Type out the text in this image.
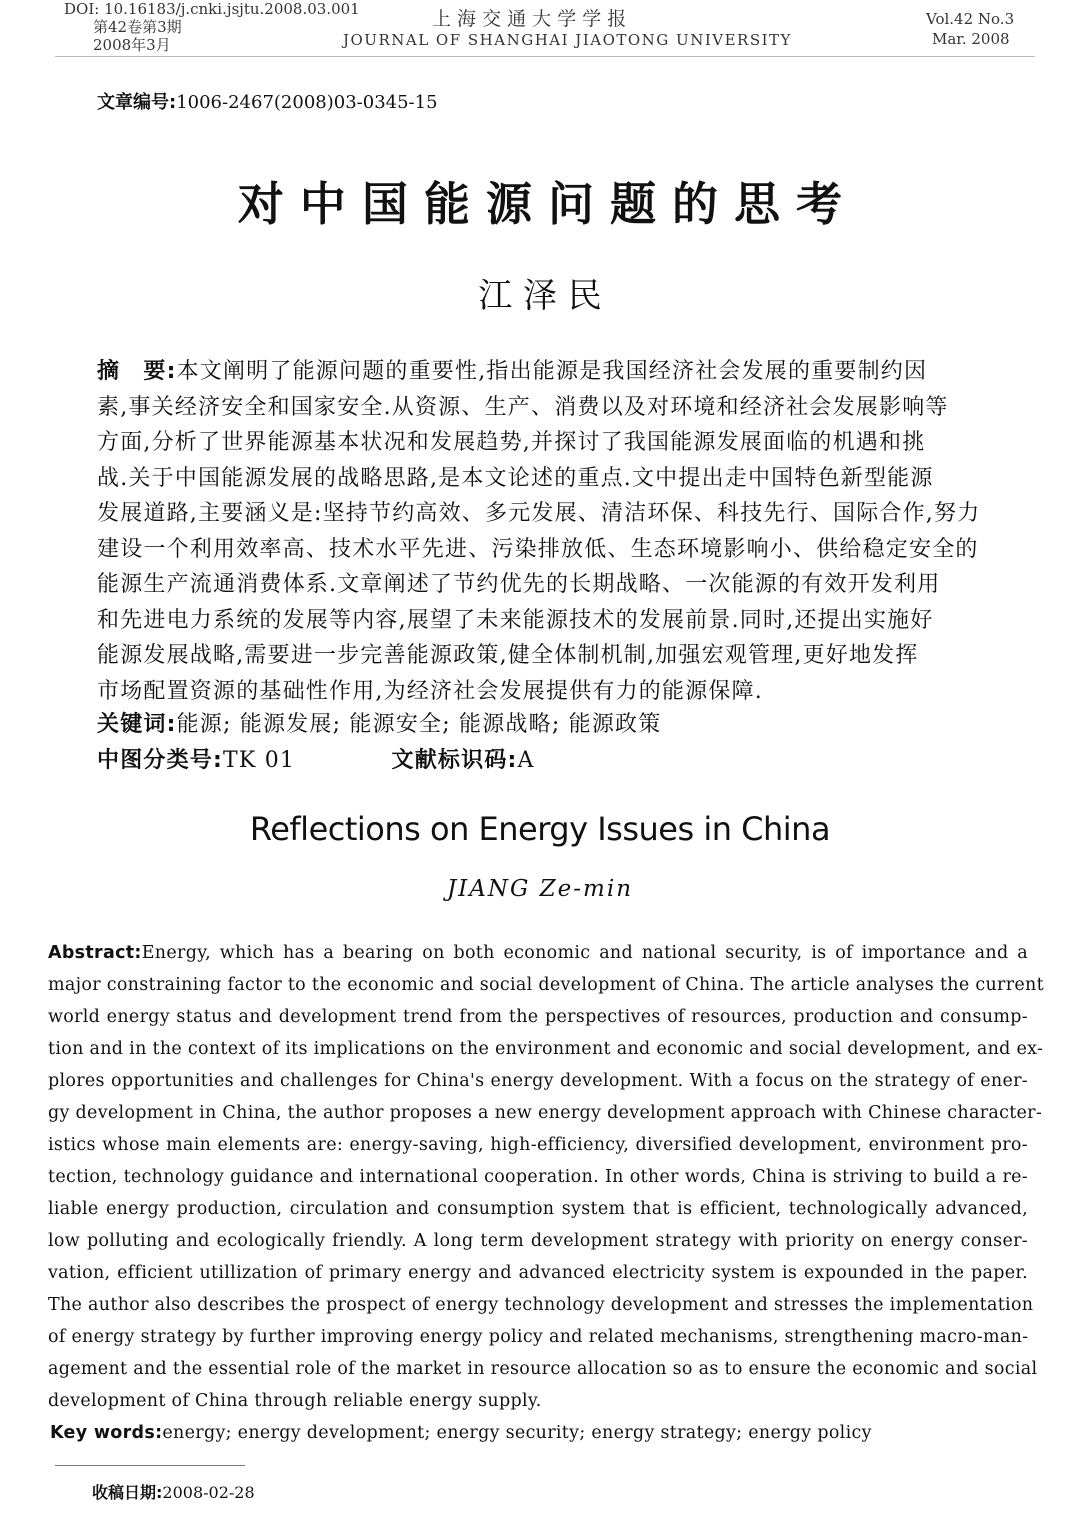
DOI: 10.16183/j.cnki.jsjtu.2008.03.001
第42卷第3期
2008年3月
上 海 交 通 大 学 学 报
JOURNAL OF SHANGHAI JIAOTONG UNIVERSITY
Vol.42 No.3
Mar. 2008
文章编号:1006-2467(2008)03-0345-15
对 中 国 能 源 问 题 的 思 考
江 泽 民
摘　要:本文阐明了能源问题的重要性,指出能源是我国经济社会发展的重要制约因
素,事关经济安全和国家安全.从资源、生产、消费以及对环境和经济社会发展影响等
方面,分析了世界能源基本状况和发展趋势,并探讨了我国能源发展面临的机遇和挑
战.关于中国能源发展的战略思路,是本文论述的重点.文中提出走中国特色新型能源
发展道路,主要涵义是:坚持节约高效、多元发展、清洁环保、科技先行、国际合作,努力
建设一个利用效率高、技术水平先进、污染排放低、生态环境影响小、供给稳定安全的
能源生产流通消费体系.文章阐述了节约优先的长期战略、一次能源的有效开发利用
和先进电力系统的发展等内容,展望了未来能源技术的发展前景.同时,还提出实施好
能源发展战略,需要进一步完善能源政策,健全体制机制,加强宏观管理,更好地发挥
市场配置资源的基础性作用,为经济社会发展提供有力的能源保障.
关键词:能源; 能源发展; 能源安全; 能源战略; 能源政策
中图分类号:TK 01	文献标识码:A
Reflections on Energy Issues in China
JIANG Ze-min
Abstract:Energy, which has a bearing on both economic and national security, is of importance and a
major constraining factor to the economic and social development of China. The article analyses the current
world energy status and development trend from the perspectives of resources, production and consump-
tion and in the context of its implications on the environment and economic and social development, and ex-
plores opportunities and challenges for China's energy development. With a focus on the strategy of ener-
gy development in China, the author proposes a new energy development approach with Chinese character-
istics whose main elements are: energy-saving, high-efficiency, diversified development, environment pro-
tection, technology guidance and international cooperation. In other words, China is striving to build a re-
liable energy production, circulation and consumption system that is efficient, technologically advanced,
low polluting and ecologically friendly. A long term development strategy with priority on energy conser-
vation, efficient utillization of primary energy and advanced electricity system is expounded in the paper.
The author also describes the prospect of energy technology development and stresses the implementation
of energy strategy by further improving energy policy and related mechanisms, strengthening macro-man-
agement and the essential role of the market in resource allocation so as to ensure the economic and social
development of China through reliable energy supply.
Key words:energy; energy development; energy security; energy strategy; energy policy
收稿日期:2008-02-28
